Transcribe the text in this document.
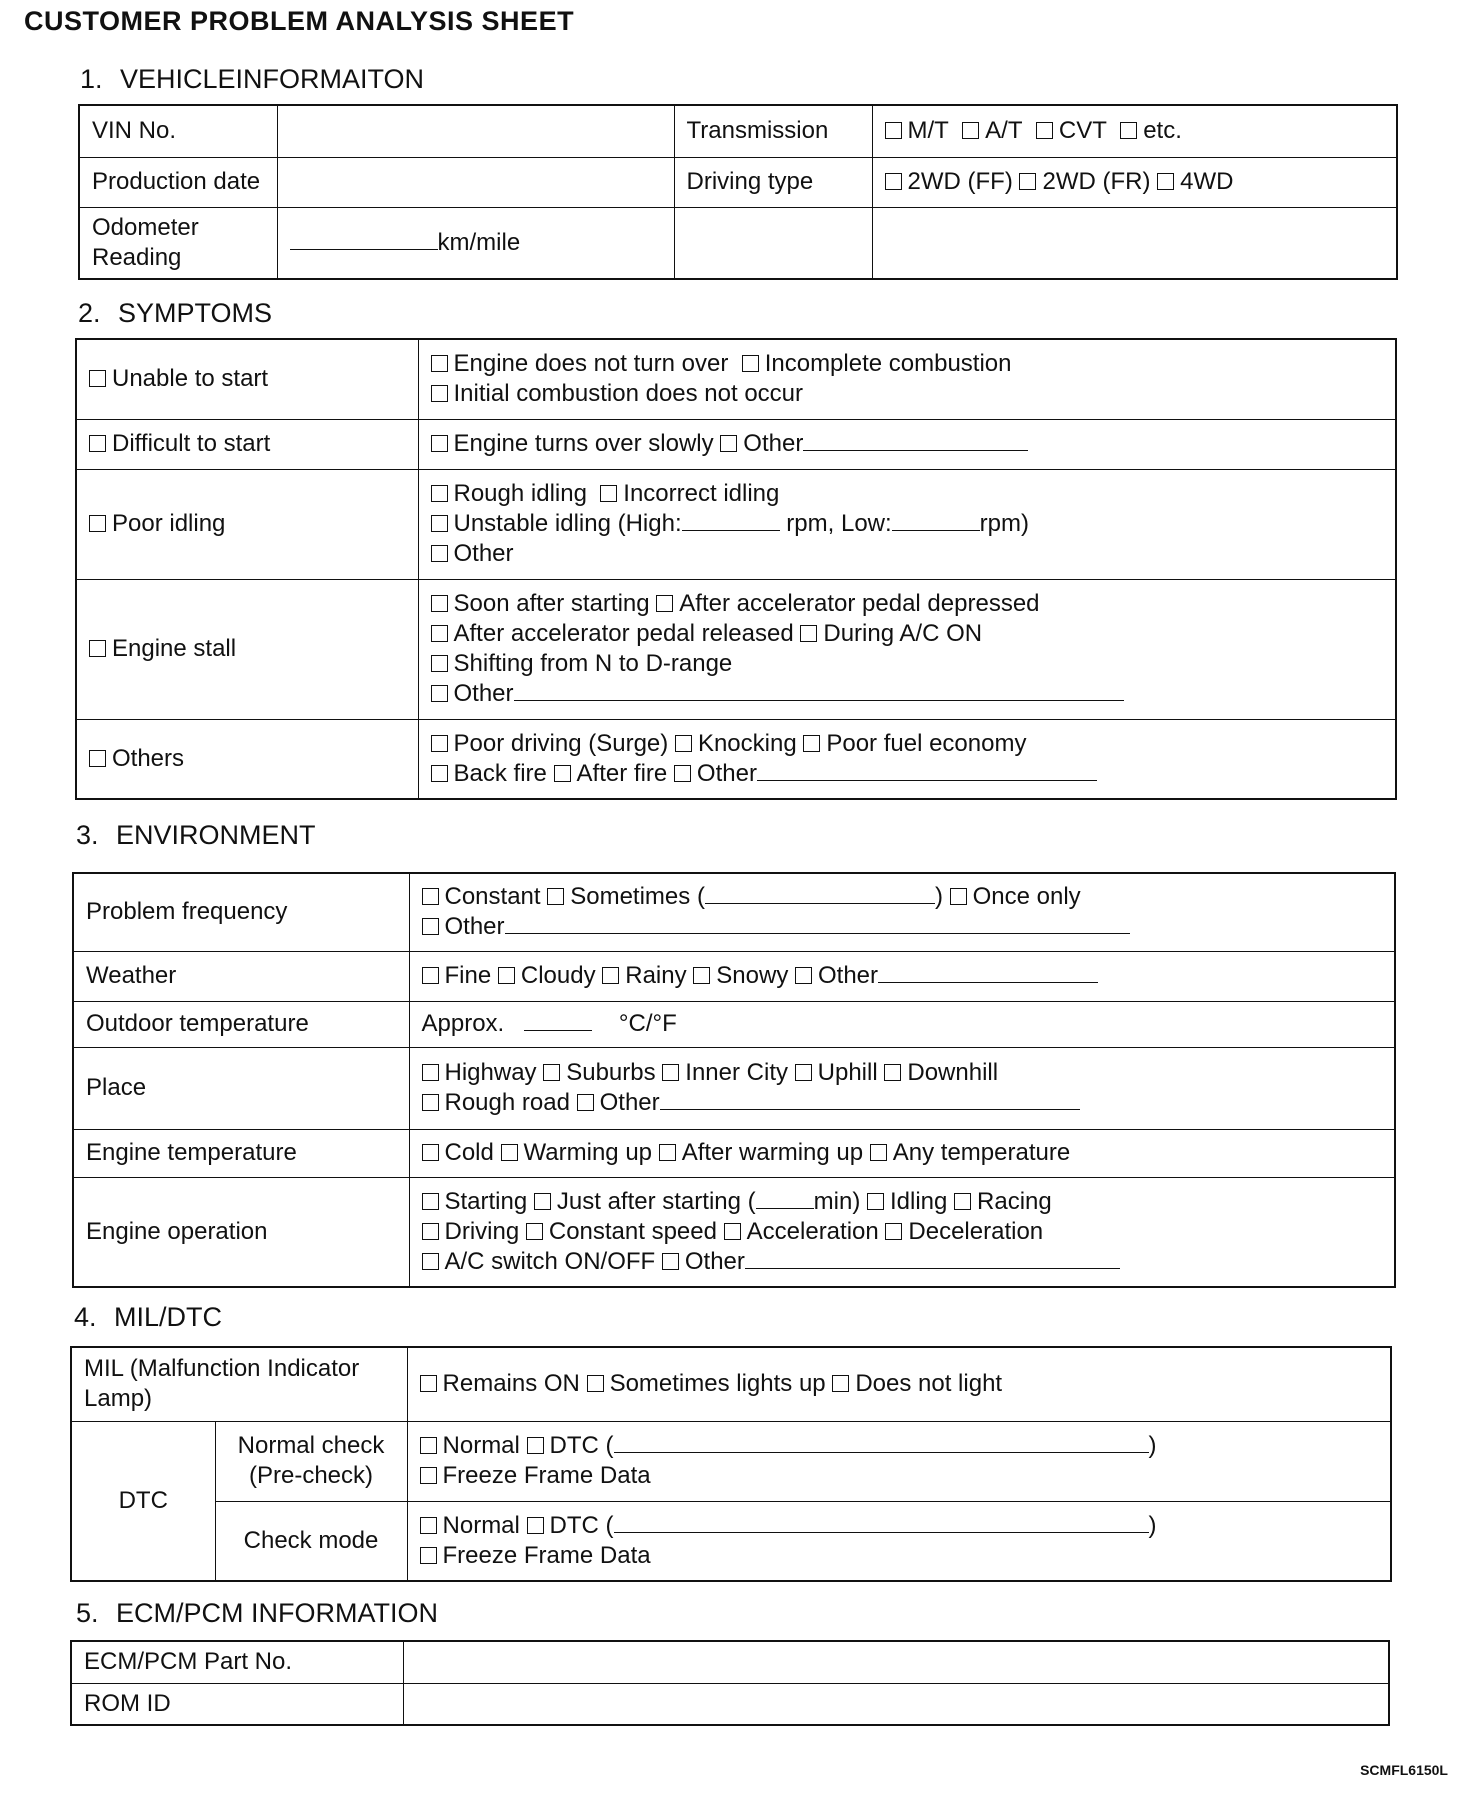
CUSTOMER PROBLEM ANALYSIS SHEET
1. VEHICLEINFORMAITON
VIN No.		Transmission	M/T A/T CVT etc.
Production date		Driving type	2WD (FF) 2WD (FR) 4WD

Odometer
Reading	km/mile		
2. SYMPTOMS
Unable to start	Engine does not turn over Incomplete combustion
Initial combustion does not occur

Difficult to start	Engine turns over slowly Other
Poor idling	Rough idling Incorrect idling
Unstable idling (High: rpm, Low: rpm)
Other

Engine stall	Soon after starting After accelerator pedal depressed
After accelerator pedal released During A/C ON
Shifting from N to D-range
Other

Others	Poor driving (Surge) Knocking Poor fuel economy
Back fire After fire Other
3. ENVIRONMENT
Problem frequency	Constant Sometimes ( ) Once only
Other

Weather	Fine Cloudy Rainy Snowy Other
Outdoor temperature	Approx. °C/°F
Place	Highway Suburbs Inner City Uphill Downhill
Rough road Other

Engine temperature	Cold Warming up After warming up Any temperature
Engine operation	Starting Just after starting ( min) Idling Racing
Driving Constant speed Acceleration Deceleration
A/C switch ON/OFF Other
4. MIL/DTC
MIL (Malfunction Indicator
Lamp)		Remains ON Sometimes lights up Does not light
DTC	Normal check
(Pre-check)	Normal DTC ( )
Freeze Frame Data

	Check mode	Normal DTC ( )
Freeze Frame Data
5. ECM/PCM INFORMATION
ECM/PCM Part No.	
ROM ID	
SCMFL6150L
